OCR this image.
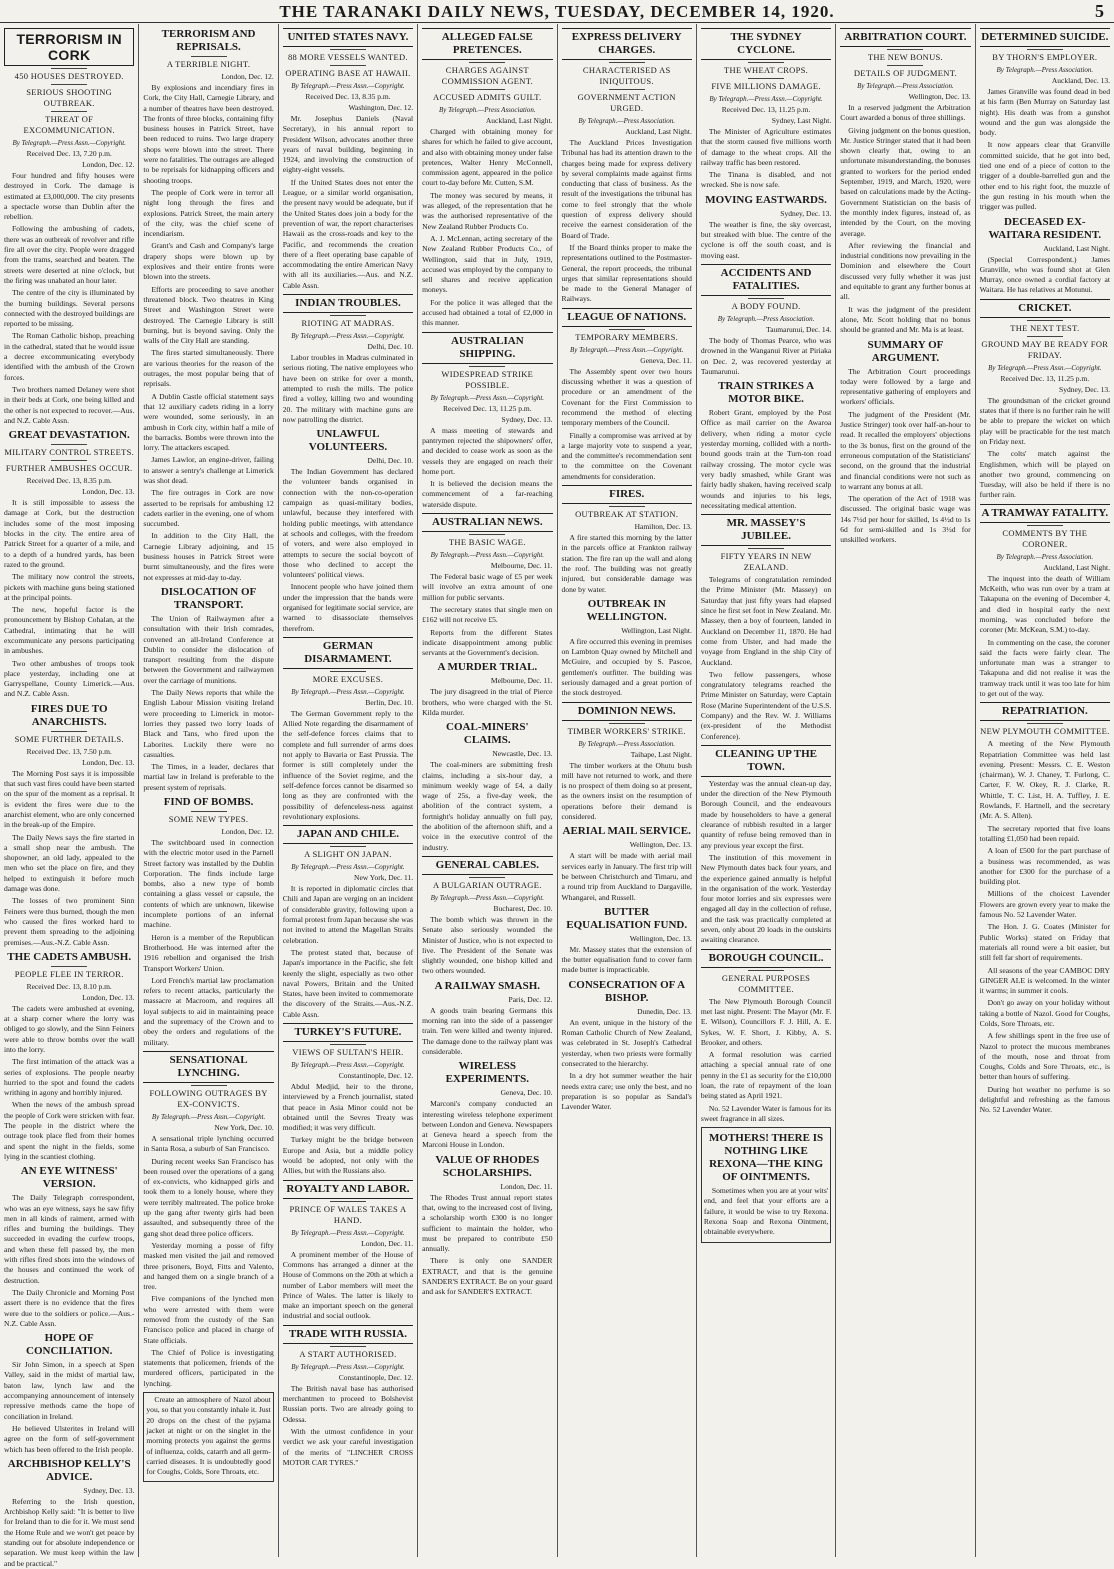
THE TARANAKI DAILY NEWS, TUESDAY, DECEMBER 14, 1920.	5
TERRORISM IN CORK
450 HOUSES DESTROYED.
SERIOUS SHOOTING OUTBREAK.
THREAT OF EXCOMMUNICATION.
By Telegraph.—Press Assn.—Copyright.
Received Dec. 13, 7.20 p.m.
London, Dec. 12.

Four hundred and fifty houses were destroyed in Cork. The damage is estimated at £3,000,000. The city presents a spectacle worse than Dublin after the rebellion.

Following the ambushing of cadets, there was an outbreak of revolver and rifle fire all over the city. People were dragged from the trams, searched and beaten. The streets were deserted at nine o'clock, but the firing was unabated an hour later.

The centre of the city is illuminated by the burning buildings. Several persons connected with the destroyed buildings are reported to be missing.

The Roman Catholic bishop, preaching in the cathedral, stated that he would issue a decree excommunicating everybody identified with the ambush of the Crown forces.

Two brothers named Delaney were shot in their beds at Cork, one being killed and the other is not expected to recover.—Aus. and N.Z. Cable Assn.

GREAT DEVASTATION.
MILITARY CONTROL STREETS.
FURTHER AMBUSHES OCCUR.
Received Dec. 13, 8.35 p.m.
London, Dec. 13.

It is still impossible to assess the damage at Cork, but the destruction includes some of the most imposing blocks in the city. The entire area of Patrick Street for a quarter of a mile, and to a depth of a hundred yards, has been razed to the ground.

The military now control the streets, pickets with machine guns being stationed at the principal points.

The new, hopeful factor is the pronouncement by Bishop Cohalan, at the Cathedral, intimating that he will excommunicate any persons participating in ambushes.

Two other ambushes of troops took place yesterday, including one at Garryspellane, County Limerick.—Aus. and N.Z. Cable Assn.

FIRES DUE TO ANARCHISTS.
SOME FURTHER DETAILS.
Received Dec. 13, 7.50 p.m.
London, Dec. 13.

The Morning Post says it is impossible that such vast fires could have been started on the spur of the moment as a reprisal. It is evident the fires were due to the anarchist element, who are only concerned in the break-up of the Empire.

The Daily News says the fire started in a small shop near the ambush. The shopowner, an old lady, appealed to the men who set the place on fire, and they helped to extinguish it before much damage was done.

The losses of two prominent Sinn Feiners were thus burned, though the men who caused the fires worked hard to prevent them spreading to the adjoining premises.—Aus.-N.Z. Cable Assn.

THE CADETS AMBUSH.
PEOPLE FLEE IN TERROR.
Received Dec. 13, 8.10 p.m.
London, Dec. 13.

The cadets were ambushed at evening, at a sharp corner where the lorry was obliged to go slowly, and the Sinn Feiners were able to throw bombs over the wall into the lorry.

The first intimation of the attack was a series of explosions. The people nearby hurried to the spot and found the cadets writhing in agony and horribly injured.

When the news of the ambush spread the people of Cork were stricken with fear. The people in the district where the outrage took place fled from their homes and spent the night in the fields, some lying in the scantiest clothing.

AN EYE WITNESS' VERSION.

The Daily Telegraph correspondent, who was an eye witness, says he saw fifty men in all kinds of raiment, armed with rifles and burning the buildings. They succeeded in evading the curfew troops, and when these fell passed by, the men with rifles fired shots into the windows of the houses and continued the work of destruction.

The Daily Chronicle and Morning Post assert there is no evidence that the fires were due to the soldiers or police.—Aus.-N.Z. Cable Assn.

HOPE OF CONCILIATION.

Sir John Simon, in a speech at Spen Valley, said in the midst of martial law, baton law, lynch law and the accompanying announcement of intensely repressive methods came the hope of conciliation in Ireland.

He believed Ulsterites in Ireland will agree on the form of self-government which has been offered to the Irish people.

ARCHBISHOP KELLY'S ADVICE.
Sydney, Dec. 13.

Referring to the Irish question, Archbishop Kelly said: "It is better to live for Ireland than to die for it. We must send the Home Rule and we won't get peace by standing out for absolute independence or separation. We must keep within the law and be practical."

TERRORISM AND REPRISALS.
A TERRIBLE NIGHT.
London, Dec. 12.

By explosions and incendiary fires in Cork, the City Hall, Carnegie Library, and a number of theatres have been destroyed. The fronts of three blocks, containing fifty business houses in Patrick Street, have been reduced to ruins. Two large drapery shops were blown into the street. There were no fatalities. The outrages are alleged to be reprisals for kidnapping officers and shooting troops.

The people of Cork were in terror all night long through the fires and explosions. Patrick Street, the main artery of the city, was the chief scene of incendiarism.

Grant's and Cash and Company's large drapery shops were blown up by explosives and their entire fronts were blown into the streets.

Efforts are proceeding to save another threatened block. Two theatres in King Street and Washington Street were destroyed. The Carnegie Library is still burning, but is beyond saving. Only the walls of the City Hall are standing.

The fires started simultaneously. There are various theories for the reason of the outrages, the most popular being that of reprisals.

A Dublin Castle official statement says that 12 auxiliary cadets riding in a lorry were wounded, some seriously, in an ambush in Cork city, within half a mile of the barracks. Bombs were thrown into the lorry. The attackers escaped.

James Lawlor, an engine-driver, failing to answer a sentry's challenge at Limerick was shot dead.

The fire outrages in Cork are now asserted to be reprisals for ambushing 12 cadets earlier in the evening, one of whom succumbed.

In addition to the City Hall, the Carnegie Library adjoining, and 15 business houses in Patrick Street were burnt simultaneously, and the fires were not expresses at mid-day to-day.

DISLOCATION OF TRANSPORT.

The Union of Railwaymen after a consultation with their Irish comrades, convened an all-Ireland Conference at Dublin to consider the dislocation of transport resulting from the dispute between the Government and railwaymen over the carriage of munitions.

The Daily News reports that while the English Labour Mission visiting Ireland were proceeding to Limerick in motor-lorries they passed two lorry loads of Black and Tans, who fired upon the Laborites. Luckily there were no casualties.

The Times, in a leader, declares that martial law in Ireland is preferable to the present system of reprisals.

FIND OF BOMBS.
SOME NEW TYPES.
London, Dec. 12.

The switchboard used in connection with the electric motor used in the Parnell Street factory was installed by the Dublin Corporation. The finds include large bombs, also a new type of bomb containing a glass vessel or capsule, the contents of which are unknown, likewise incomplete portions of an infernal machine.

Heron is a member of the Republican Brotherhood. He was interned after the 1916 rebellion and organised the Irish Transport Workers' Union.

Lord French's martial law proclamation refers to recent attacks, particularly the massacre at Macroom, and requires all loyal subjects to aid in maintaining peace and the supremacy of the Crown and to obey the orders and regulations of the military.

SENSATIONAL LYNCHING.
FOLLOWING OUTRAGES BY EX-CONVICTS.
By Telegraph.—Press Assn.—Copyright.
New York, Dec. 10.

A sensational triple lynching occurred in Santa Rosa, a suburb of San Francisco.

During recent weeks San Francisco has been roused over the operations of a gang of ex-convicts, who kidnapped girls and took them to a lonely house, where they were terribly maltreated. The police broke up the gang after twenty girls had been assaulted, and subsequently three of the gang shot dead three police officers.

Yesterday morning a posse of fifty masked men visited the jail and removed three prisoners, Boyd, Fitts and Valento, and hanged them on a single branch of a tree.

Five companions of the lynched men who were arrested with them were removed from the custody of the San Francisco police and placed in charge of State officials.

The Chief of Police is investigating statements that policemen, friends of the murdered officers, participated in the lynching.

Create an atmosphere of Nazol about you, so that you constantly inhale it. Just 20 drops on the chest of the pyjama jacket at night or on the singlet in the morning protects you against the germs of influenza, colds, catarrh and all germ-carried diseases. It is undoubtedly good for Coughs, Colds, Sore Throats, etc.

UNITED STATES NAVY.
88 MORE VESSELS WANTED.
OPERATING BASE AT HAWAII.
By Telegraph.—Press Assn.—Copyright.
Received Dec. 13, 8.35 p.m.
Washington, Dec. 12.

Mr. Josephus Daniels (Naval Secretary), in his annual report to President Wilson, advocates another three years of naval building, beginning in 1924, and involving the construction of eighty-eight vessels.

If the United States does not enter the League, or a similar world organisation, the present navy would be adequate, but if the United States does join a body for the prevention of war, the report characterises Hawaii as the cross-roads and key to the Pacific, and recommends the creation there of a fleet operating base capable of accommodating the entire American Navy with all its auxiliaries.—Aus. and N.Z. Cable Assn.

INDIAN TROUBLES.
RIOTING AT MADRAS.
By Telegraph.—Press Assn.—Copyright.
Delhi, Dec. 10.

Labor troubles in Madras culminated in serious rioting. The native employees who have been on strike for over a month, attempted to rush the mills. The police fired a volley, killing two and wounding 20. The military with machine guns are now patrolling the district.

UNLAWFUL VOLUNTEERS.
Delhi, Dec. 10.

The Indian Government has declared the volunteer bands organised in connection with the non-co-operation campaign as quasi-military bodies, unlawful, because they interfered with holding public meetings, with attendance at schools and colleges, with the freedom of voters, and were also employed in attempts to secure the social boycott of those who declined to accept the volunteers' political views.

Innocent people who have joined them under the impression that the bands were organised for legitimate social service, are warned to disassociate themselves therefrom.

GERMAN DISARMAMENT.
MORE EXCUSES.
By Telegraph.—Press Assn.—Copyright.
Berlin, Dec. 10.

The German Government reply to the Allied Note regarding the disarmament of the self-defence forces claims that to complete and full surrender of arms does not apply to Bavaria or East Prussia. The former is still completely under the influence of the Soviet regime, and the self-defence forces cannot be disarmed so long as they are confronted with the possibility of defenceless-ness against revolutionary explosions.

JAPAN AND CHILE.
A SLIGHT ON JAPAN.
By Telegraph.—Press Assn.—Copyright.
New York, Dec. 11.

It is reported in diplomatic circles that Chili and Japan are verging on an incident of considerable gravity, following upon a formal protest from Japan because she was not invited to attend the Magellan Straits celebration.

The protest stated that, because of Japan's importance in the Pacific, she felt keenly the slight, especially as two other naval Powers, Britain and the United States, have been invited to commemorate the discovery of the Straits.—Aus.-N.Z. Cable Assn.

TURKEY'S FUTURE.
VIEWS OF SULTAN'S HEIR.
By Telegraph.—Press Assn.—Copyright.
Constantinople, Dec. 12.

Abdul Medjid, heir to the throne, interviewed by a French journalist, stated that peace in Asia Minor could not be obtained until the Sevres Treaty was modified; it was very difficult.

Turkey might be the bridge between Europe and Asia, but a middle policy would be adopted, not only with the Allies, but with the Russians also.

ROYALTY AND LABOR.
PRINCE OF WALES TAKES A HAND.
By Telegraph.—Press Assn.—Copyright.
London, Dec. 11.

A prominent member of the House of Commons has arranged a dinner at the House of Commons on the 20th at which a number of Labor members will meet the Prince of Wales. The latter is likely to make an important speech on the general industrial and social outlook.

TRADE WITH RUSSIA.
A START AUTHORISED.
By Telegraph.—Press Assn.—Copyright.
Constantinople, Dec. 12.

The British naval base has authorised merchantmen to proceed to Bolshevist Russian ports. Two are already going to Odessa.

With the utmost confidence in your verdict we ask your careful investigation of the merits of "LINCHER CROSS MOTOR CAR TYRES."

ALLEGED FALSE PRETENCES.
CHARGES AGAINST COMMISSION AGENT.
ACCUSED ADMITS GUILT.
By Telegraph.—Press Association.
Auckland, Last Night.

Charged with obtaining money for shares for which he failed to give account, and also with obtaining money under false pretences, Walter Henry McConnell, commission agent, appeared in the police court to-day before Mr. Cutten, S.M.

The money was secured by means, it was alleged, of the representation that he was the authorised representative of the New Zealand Rubber Products Co.

A. J. McLennan, acting secretary of the New Zealand Rubber Products Co., of Wellington, said that in July, 1919, accused was employed by the company to sell shares and receive application moneys.

For the police it was alleged that the accused had obtained a total of £2,000 in this manner.

AUSTRALIAN SHIPPING.
WIDESPREAD STRIKE POSSIBLE.
By Telegraph.—Press Assn.—Copyright.
Received Dec. 13, 11.25 p.m.
Sydney, Dec. 13.

A mass meeting of stewards and pantrymen rejected the shipowners' offer, and decided to cease work as soon as the vessels they are engaged on reach their home port.

It is believed the decision means the commencement of a far-reaching waterside dispute.

AUSTRALIAN NEWS.
THE BASIC WAGE.
By Telegraph.—Press Assn.—Copyright.
Melbourne, Dec. 11.

The Federal basic wage of £5 per week will involve an extra amount of one million for public servants.

The secretary states that single men on £162 will not receive £5.

Reports from the different States indicate disappointment among public servants at the Government's decision.

A MURDER TRIAL.
Melbourne, Dec. 11.

The jury disagreed in the trial of Pierce brothers, who were charged with the St. Kilda murder.

COAL-MINERS' CLAIMS.
Newcastle, Dec. 13.

The coal-miners are submitting fresh claims, including a six-hour day, a minimum weekly wage of £4, a daily wage of 25s, a five-day week, the abolition of the contract system, a fortnight's holiday annually on full pay, the abolition of the afternoon shift, and a voice in the executive control of the industry.

GENERAL CABLES.
A BULGARIAN OUTRAGE.
By Telegraph.—Press Assn.—Copyright.
Bucharest, Dec. 10.

The bomb which was thrown in the Senate also seriously wounded the Minister of Justice, who is not expected to live. The President of the Senate was slightly wounded, one bishop killed and two others wounded.

A RAILWAY SMASH.
Paris, Dec. 12.

A goods train bearing Germans this morning ran into the side of a passenger train. Ten were killed and twenty injured. The damage done to the railway plant was considerable.

WIRELESS EXPERIMENTS.
Geneva, Dec. 10.

Marconi's company conducted an interesting wireless telephone experiment between London and Geneva. Newspapers at Geneva heard a speech from the Marconi House in London.

VALUE OF RHODES SCHOLARSHIPS.
London, Dec. 11.

The Rhodes Trust annual report states that, owing to the increased cost of living, a scholarship worth £300 is no longer sufficient to maintain the holder, who must be prepared to contribute £50 annually.

There is only one SANDER EXTRACT, and that is the genuine SANDER'S EXTRACT. Be on your guard and ask for SANDER'S EXTRACT.

EXPRESS DELIVERY CHARGES.
CHARACTERISED AS INIQUITOUS.
GOVERNMENT ACTION URGED.
By Telegraph.—Press Association.
Auckland, Last Night.

The Auckland Prices Investigation Tribunal has had its attention drawn to the charges being made for express delivery by several complaints made against firms conducting that class of business. As the result of the investigations the tribunal has come to feel strongly that the whole question of express delivery should receive the earnest consideration of the Board of Trade.

If the Board thinks proper to make the representations outlined to the Postmaster-General, the report proceeds, the tribunal urges that similar representations should be made to the General Manager of Railways.

LEAGUE OF NATIONS.
TEMPORARY MEMBERS.
By Telegraph.—Press Assn.—Copyright.
Geneva, Dec. 11.

The Assembly spent over two hours discussing whether it was a question of procedure or an amendment of the Covenant for the First Commission to recommend the method of electing temporary members of the Council.

Finally a compromise was arrived at by a large majority vote to suspend a year, and the committee's recommendation sent to the committee on the Covenant amendments for consideration.

FIRES.
OUTBREAK AT STATION.
Hamilton, Dec. 13.

A fire started this morning by the latter in the parcels office at Frankton railway station. The fire ran up the wall and along the roof. The building was not greatly injured, but considerable damage was done by water.

OUTBREAK IN WELLINGTON.
Wellington, Last Night.

A fire occurred this evening in premises on Lambton Quay owned by Mitchell and McGuire, and occupied by S. Pascoe, gentlemen's outfitter. The building was seriously damaged and a great portion of the stock destroyed.

DOMINION NEWS.
TIMBER WORKERS' STRIKE.
By Telegraph.—Press Association.
Taihape, Last Night.

The timber workers at the Ohutu bush mill have not returned to work, and there is no prospect of them doing so at present, as the owners insist on the resumption of operations before their demand is considered.

AERIAL MAIL SERVICE.
Wellington, Dec. 13.

A start will be made with aerial mail services early in January. The first trip will be between Christchurch and Timaru, and a round trip from Auckland to Dargaville, Whangarei, and Russell.

BUTTER EQUALISATION FUND.
Wellington, Dec. 13.

Mr. Massey states that the extension of the butter equalisation fund to cover farm made butter is impracticable.

CONSECRATION OF A BISHOP.
Dunedin, Dec. 13.

An event, unique in the history of the Roman Catholic Church of New Zealand, was celebrated in St. Joseph's Cathedral yesterday, when two priests were formally consecrated to the hierarchy.

In a dry hot summer weather the hair needs extra care; use only the best, and no preparation is so popular as Sandal's Lavender Water.

THE SYDNEY CYCLONE.
THE WHEAT CROPS.
FIVE MILLIONS DAMAGE.
By Telegraph.—Press Assn.—Copyright.
Received Dec. 13, 11.25 p.m.
Sydney, Last Night.

The Minister of Agriculture estimates that the storm caused five millions worth of damage to the wheat crops. All the railway traffic has been restored.

The Tinana is disabled, and not wrecked. She is now safe.

MOVING EASTWARDS.
Sydney, Dec. 13.

The weather is fine, the sky overcast, but streaked with blue. The centre of the cyclone is off the south coast, and is moving east.

ACCIDENTS AND FATALITIES.
A BODY FOUND.
By Telegraph.—Press Association.
Taumarunui, Dec. 14.

The body of Thomas Pearce, who was drowned in the Wanganui River at Piriaka on Dec. 2, was recovered yesterday at Taumarunui.

TRAIN STRIKES A MOTOR BIKE.

Robert Grant, employed by the Post Office as mail carrier on the Awaroa delivery, when riding a motor cycle yesterday morning, collided with a north-bound goods train at the Turn-ton road railway crossing. The motor cycle was very badly smashed, while Grant was fairly badly shaken, having received scalp wounds and injuries to his legs, necessitating medical attention.

MR. MASSEY'S JUBILEE.
FIFTY YEARS IN NEW ZEALAND.

Telegrams of congratulation reminded the Prime Minister (Mr. Massey) on Saturday that just fifty years had elapsed since he first set foot in New Zealand. Mr. Massey, then a boy of fourteen, landed in Auckland on December 11, 1870. He had come from Ulster, and had made the voyage from England in the ship City of Auckland.

Two fellow passengers, whose congratulatory telegrams reached the Prime Minister on Saturday, were Captain Rose (Marine Superintendent of the U.S.S. Company) and the Rev. W. J. Williams (ex-president of the Methodist Conference).

CLEANING UP THE TOWN.

Yesterday was the annual clean-up day, under the direction of the New Plymouth Borough Council, and the endeavours made by householders to have a general clearance of rubbish resulted in a larger quantity of refuse being removed than in any previous year except the first.

The institution of this movement in New Plymouth dates back four years, and the experience gained annually is helpful in the organisation of the work. Yesterday four motor lorries and six expresses were engaged all day in the collection of refuse, and the task was practically completed at seven, only about 20 loads in the outskirts awaiting clearance.

BOROUGH COUNCIL.
GENERAL PURPOSES COMMITTEE.

The New Plymouth Borough Council met last night. Present: The Mayor (Mr. F. E. Wilson), Councillors F. J. Hill, A. E. Sykes, W. F. Short, J. Kibby, A. S. Brooker, and others.

A formal resolution was carried attaching a special annual rate of one penny in the £1 as security for the £10,000 loan, the rate of repayment of the loan being stated as April 1921.

No. 52 Lavender Water is famous for its sweet fragrance in all sizes.

MOTHERS! THERE IS NOTHING LIKE REXONA—THE KING OF OINTMENTS.

Sometimes when you are at your wits' end, and feel that your efforts are a failure, it would be wise to try Rexona. Rexona Soap and Rexona Ointment, obtainable everywhere.

ARBITRATION COURT.
THE NEW BONUS.
DETAILS OF JUDGMENT.
By Telegraph.—Press Association.
Wellington, Dec. 13.

In a reserved judgment the Arbitration Court awarded a bonus of three shillings.

Giving judgment on the bonus question, Mr. Justice Stringer stated that it had been shown clearly that, owing to an unfortunate misunderstanding, the bonuses granted to workers for the period ended September, 1919, and March, 1920, were based on calculations made by the Acting-Government Statistician on the basis of the monthly index figures, instead of, as intended by the Court, on the moving average.

After reviewing the financial and industrial conditions now prevailing in the Dominion and elsewhere the Court discussed very fully whether it was just and equitable to grant any further bonus at all.

It was the judgment of the president alone, Mr. Scott holding that no bonus should be granted and Mr. Ma is at least.

SUMMARY OF ARGUMENT.

The Arbitration Court proceedings today were followed by a large and representative gathering of employers and workers' officials.

The judgment of the President (Mr. Justice Stringer) took over half-an-hour to read. It recalled the employers' objections to the 3s bonus, first on the ground of the erroneous computation of the Statisticians' second, on the ground that the industrial and financial conditions were not such as to warrant any bonus at all.

The operation of the Act of 1918 was discussed. The original basic wage was 14s 7½d per hour for skilled, 1s 4½d to 1s 6d for semi-skilled and 1s 3½d for unskilled workers.

DETERMINED SUICIDE.
BY THORN'S EMPLOYER.
By Telegraph.—Press Association.
Auckland, Dec. 13.

James Granville was found dead in bed at his farm (Ben Murray on Saturday last night). His death was from a gunshot wound and the gun was alongside the body.

It now appears clear that Granville committed suicide, that he got into bed, tied one end of a piece of cotton to the trigger of a double-barrelled gun and the other end to his right foot, the muzzle of the gun resting in his mouth when the trigger was pulled.

DECEASED EX-WAITARA RESIDENT.
Auckland, Last Night.

(Special Correspondent.) James Granville, who was found shot at Glen Murray, once owned a cordial factory at Waitara. He has relatives at Motunui.

CRICKET.
THE NEXT TEST.
GROUND MAY BE READY FOR FRIDAY.
By Telegraph.—Press Assn.—Copyright.
Received Dec. 13, 11.25 p.m.
Sydney, Dec. 13.

The groundsman of the cricket ground states that if there is no further rain he will be able to prepare the wicket on which play will be practicable for the test match on Friday next.

The colts' match against the Englishmen, which will be played on another two ground, commencing on Tuesday, will also be held if there is no further rain.

A TRAMWAY FATALITY.
COMMENTS BY THE CORONER.
By Telegraph.—Press Association.
Auckland, Last Night.

The inquest into the death of William McKeith, who was run over by a tram at Takapuna on the evening of December 4, and died in hospital early the next morning, was concluded before the coroner (Mr. McKean, S.M.) to-day.

In commenting on the case, the coroner said the facts were fairly clear. The unfortunate man was a stranger to Takapuna and did not realise it was the tramway track until it was too late for him to get out of the way.

REPATRIATION.
NEW PLYMOUTH COMMITTEE.

A meeting of the New Plymouth Repatriation Committee was held last evening. Present: Messrs. C. E. Weston (chairman), W. J. Chaney, T. Furlong, C. Carter, F. W. Okey, R. J. Clarke, R. Whittle, T. C. List, H. A. Tuffley, J. E. Rowlands, F. Hartnell, and the secretary (Mr. A. S. Allen).

The secretary reported that five loans totalling £1,050 had been repaid.

A loan of £500 for the part purchase of a business was recommended, as was another for £300 for the purchase of a building plot.

Millions of the choicest Lavender Flowers are grown every year to make the famous No. 52 Lavender Water.

The Hon. J. G. Coates (Minister for Public Works) stated on Friday that materials all round were a bit easier, but still fell far short of requirements.

All seasons of the year CAMBOC DRY GINGER ALE is welcomed. In the winter it warms; in summer it cools.

Don't go away on your holiday without taking a bottle of Nazol. Good for Coughs, Colds, Sore Throats, etc.

A few shillings spent in the free use of Nazol to protect the mucous membranes of the mouth, nose and throat from Coughs, Colds and Sore Throats, etc., is better than hours of suffering.

During hot weather no perfume is so delightful and refreshing as the famous No. 52 Lavender Water.
